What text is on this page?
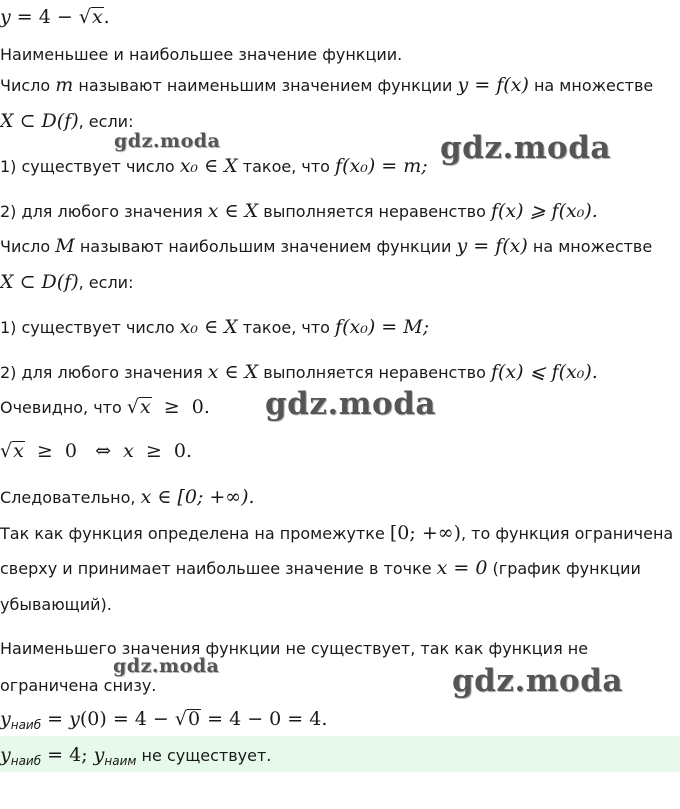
y = 4 − √x.
Наименьшее и наибольшее значение функции.
Число m называют наименьшим значением функции y = f(x) на множестве
X ⊂ D(f), если:
1) существует число x₀ ∈ X такое, что f(x₀) = m;
2) для любого значения x ∈ X выполняется неравенство f(x) ⩾ f(x₀).
Число M называют наибольшим значением функции y = f(x) на множестве
X ⊂ D(f), если:
1) существует число x₀ ∈ X такое, что f(x₀) = M;
2) для любого значения x ∈ X выполняется неравенство f(x) ⩽ f(x₀).
Очевидно, что √x  ≥  0.
√x  ≥  0   ⇔  x  ≥  0.
Следовательно, x ∈ [0; +∞).
Так как функция определена на промежутке [0; +∞), то функция ограничена
сверху и принимает наибольшее значение в точке x = 0 (график функции
убывающий).
Наименьшего значения функции не существует, так как функция не
ограничена снизу.
$y_{наиб} = y(0) = 4 - √0 = 4 - 0 = 4$.
$y_{наиб} = 4$; $y_{наим}$ не существует.
gdz.moda	gdz.moda
gdz.moda
gdz.moda	gdz.moda
